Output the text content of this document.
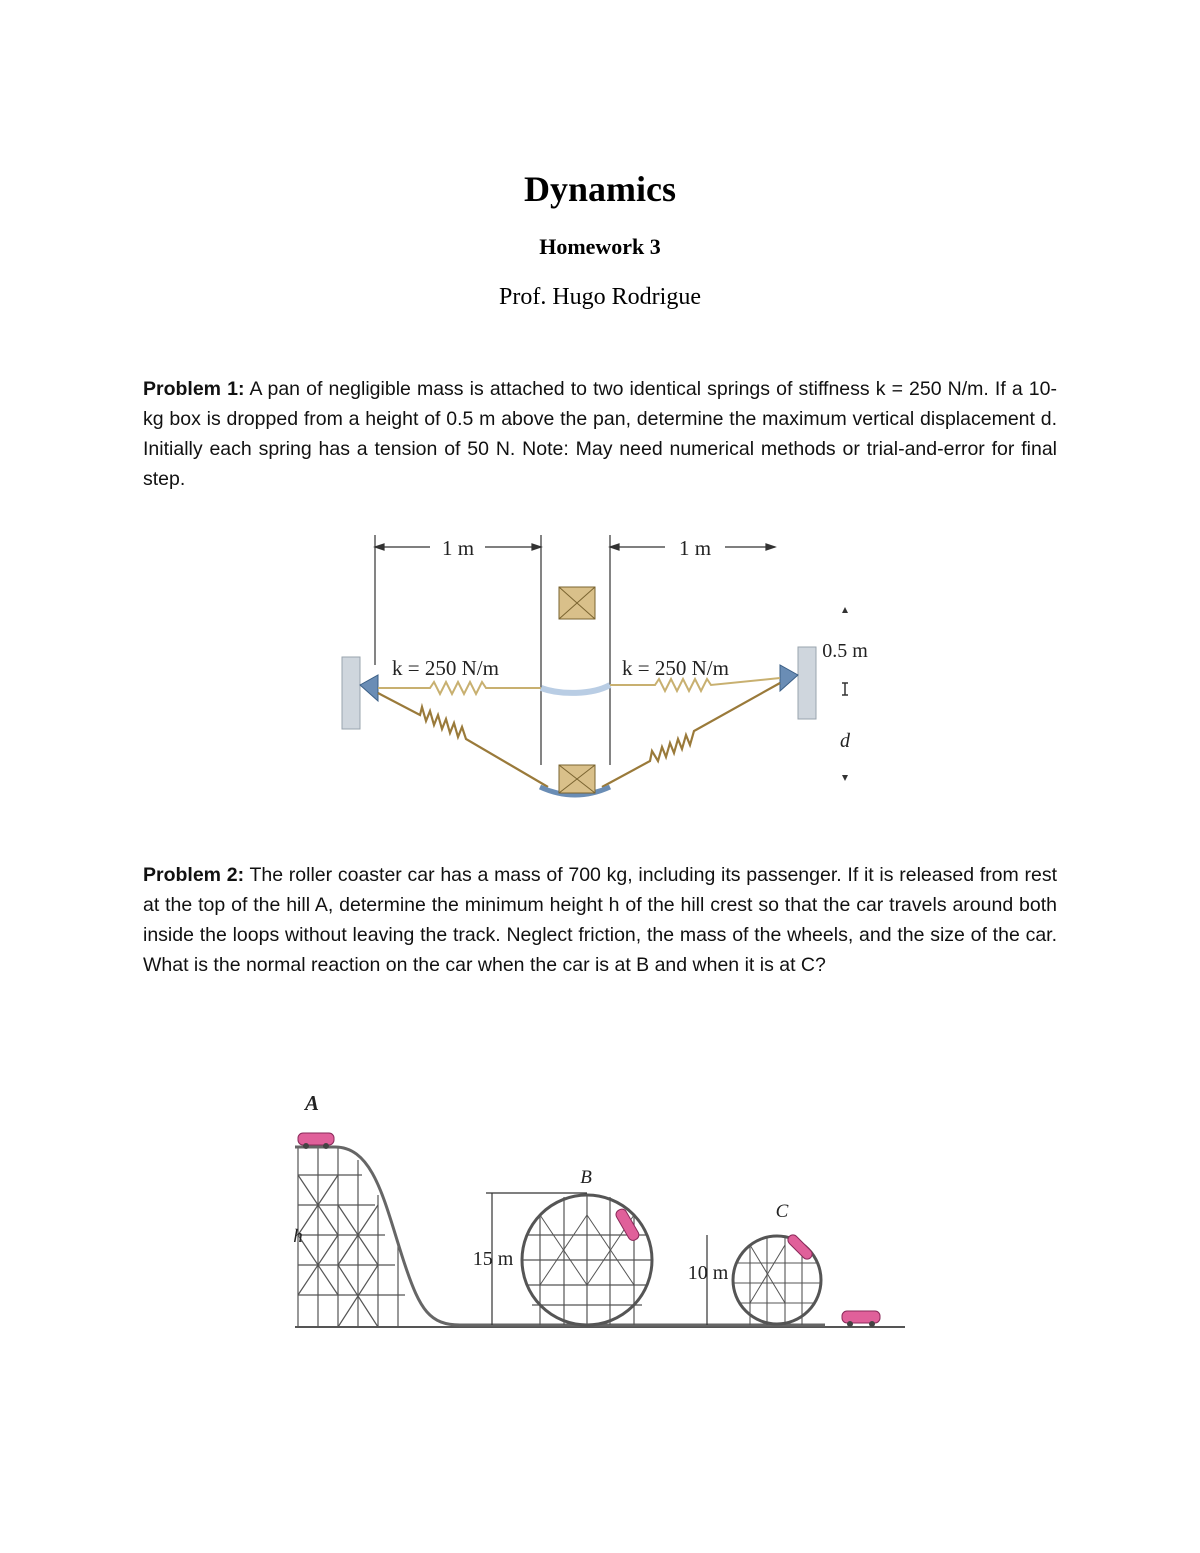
Dynamics
Homework 3
Prof. Hugo Rodrigue
Problem 1: A pan of negligible mass is attached to two identical springs of stiffness k = 250 N/m. If a 10-kg box is dropped from a height of 0.5 m above the pan, determine the maximum vertical displacement d. Initially each spring has a tension of 50 N. Note: May need numerical methods or trial-and-error for final step.
1 m	1 m
k = 250 N/m	k = 250 N/m
0.5 m
d
Problem 2: The roller coaster car has a mass of 700 kg, including its passenger. If it is released from rest at the top of the hill A, determine the minimum height h of the hill crest so that the car travels around both inside the loops without leaving the track. Neglect friction, the mass of the wheels, and the size of the car. What is the normal reaction on the car when the car is at B and when it is at C?
A
B
C
h
15 m
10 m
